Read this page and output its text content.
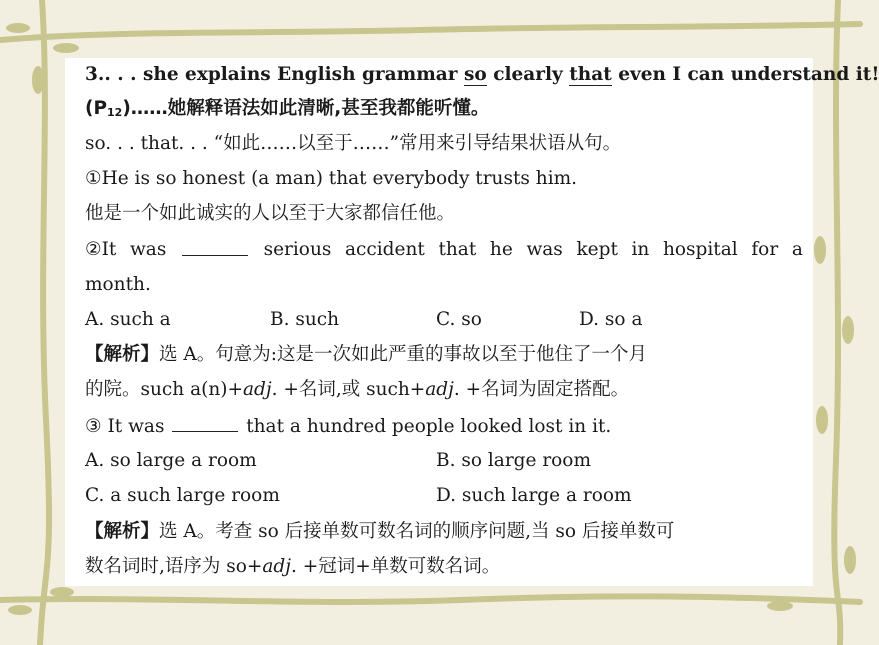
3.. . . she explains English grammar so clearly that even I can understand it!
(P12)……她解释语法如此清晰,甚至我都能听懂。
so. . . that. . . “如此……以至于……”常用来引导结果状语从句。
①He is so honest (a man) that everybody trusts him.
他是一个如此诚实的人以至于大家都信任他。
②It was	serious accident that he was kept in hospital for a
month.
A. such a	B. such	C. so	D. so a
【解析】选 A。句意为:这是一次如此严重的事故以至于他住了一个月
的院。such a(n)+adj. +名词,或 such+adj. +名词为固定搭配。
③ It was	that a hundred people looked lost in it.
A. so large a room	B. so large room
C. a such large room	D. such large a room
【解析】选 A。考查 so 后接单数可数名词的顺序问题,当 so 后接单数可
数名词时,语序为 so+adj. +冠词+单数可数名词。
